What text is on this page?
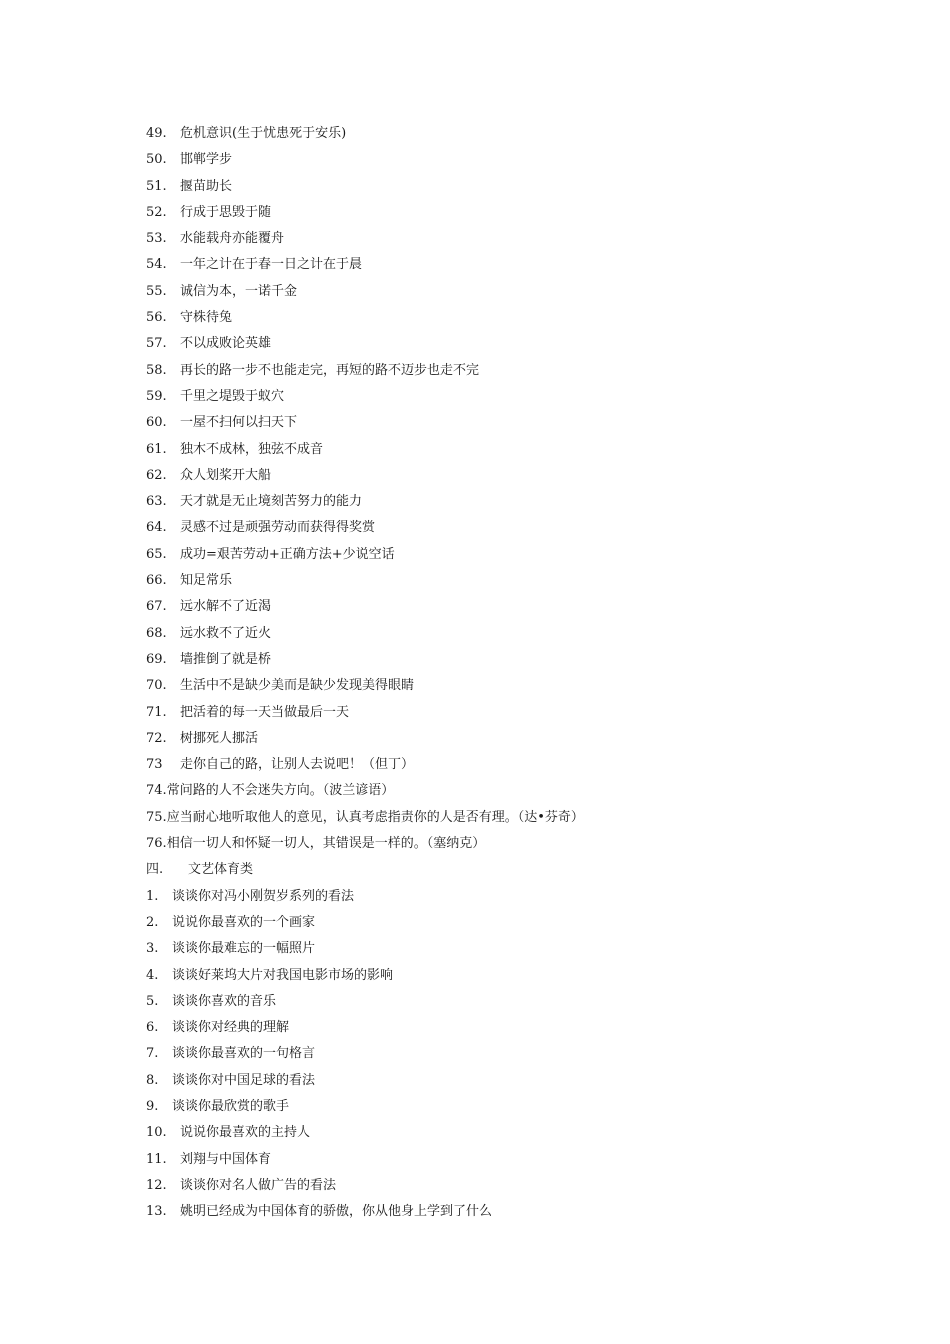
49. 危机意识(生于忧患死于安乐)
50. 邯郸学步
51. 揠苗助长
52. 行成于思毁于随
53. 水能载舟亦能覆舟
54. 一年之计在于春一日之计在于晨
55. 诚信为本，一诺千金
56. 守株待兔
57. 不以成败论英雄
58. 再长的路一步不也能走完，再短的路不迈步也走不完
59. 千里之堤毁于蚁穴
60. 一屋不扫何以扫天下
61. 独木不成林，独弦不成音
62. 众人划桨开大船
63. 天才就是无止境刻苦努力的能力
64. 灵感不过是顽强劳动而获得得奖赏
65. 成功=艰苦劳动+正确方法+少说空话
66. 知足常乐
67. 远水解不了近渴
68. 远水救不了近火
69. 墙推倒了就是桥
70. 生活中不是缺少美而是缺少发现美得眼睛
71. 把活着的每一天当做最后一天
72. 树挪死人挪活
73 走你自己的路，让别人去说吧！（但丁）
74.常问路的人不会迷失方向。（波兰谚语）
75.应当耐心地听取他人的意见，认真考虑指责你的人是否有理。（达•芬奇）
76.相信一切人和怀疑一切人，其错误是一样的。（塞纳克）
四. 文艺体育类
1. 谈谈你对冯小刚贺岁系列的看法
2. 说说你最喜欢的一个画家
3. 谈谈你最难忘的一幅照片
4. 谈谈好莱坞大片对我国电影市场的影响
5. 谈谈你喜欢的音乐
6. 谈谈你对经典的理解
7. 谈谈你最喜欢的一句格言
8. 谈谈你对中国足球的看法
9. 谈谈你最欣赏的歌手
10. 说说你最喜欢的主持人
11. 刘翔与中国体育
12. 谈谈你对名人做广告的看法
13. 姚明已经成为中国体育的骄傲，你从他身上学到了什么
